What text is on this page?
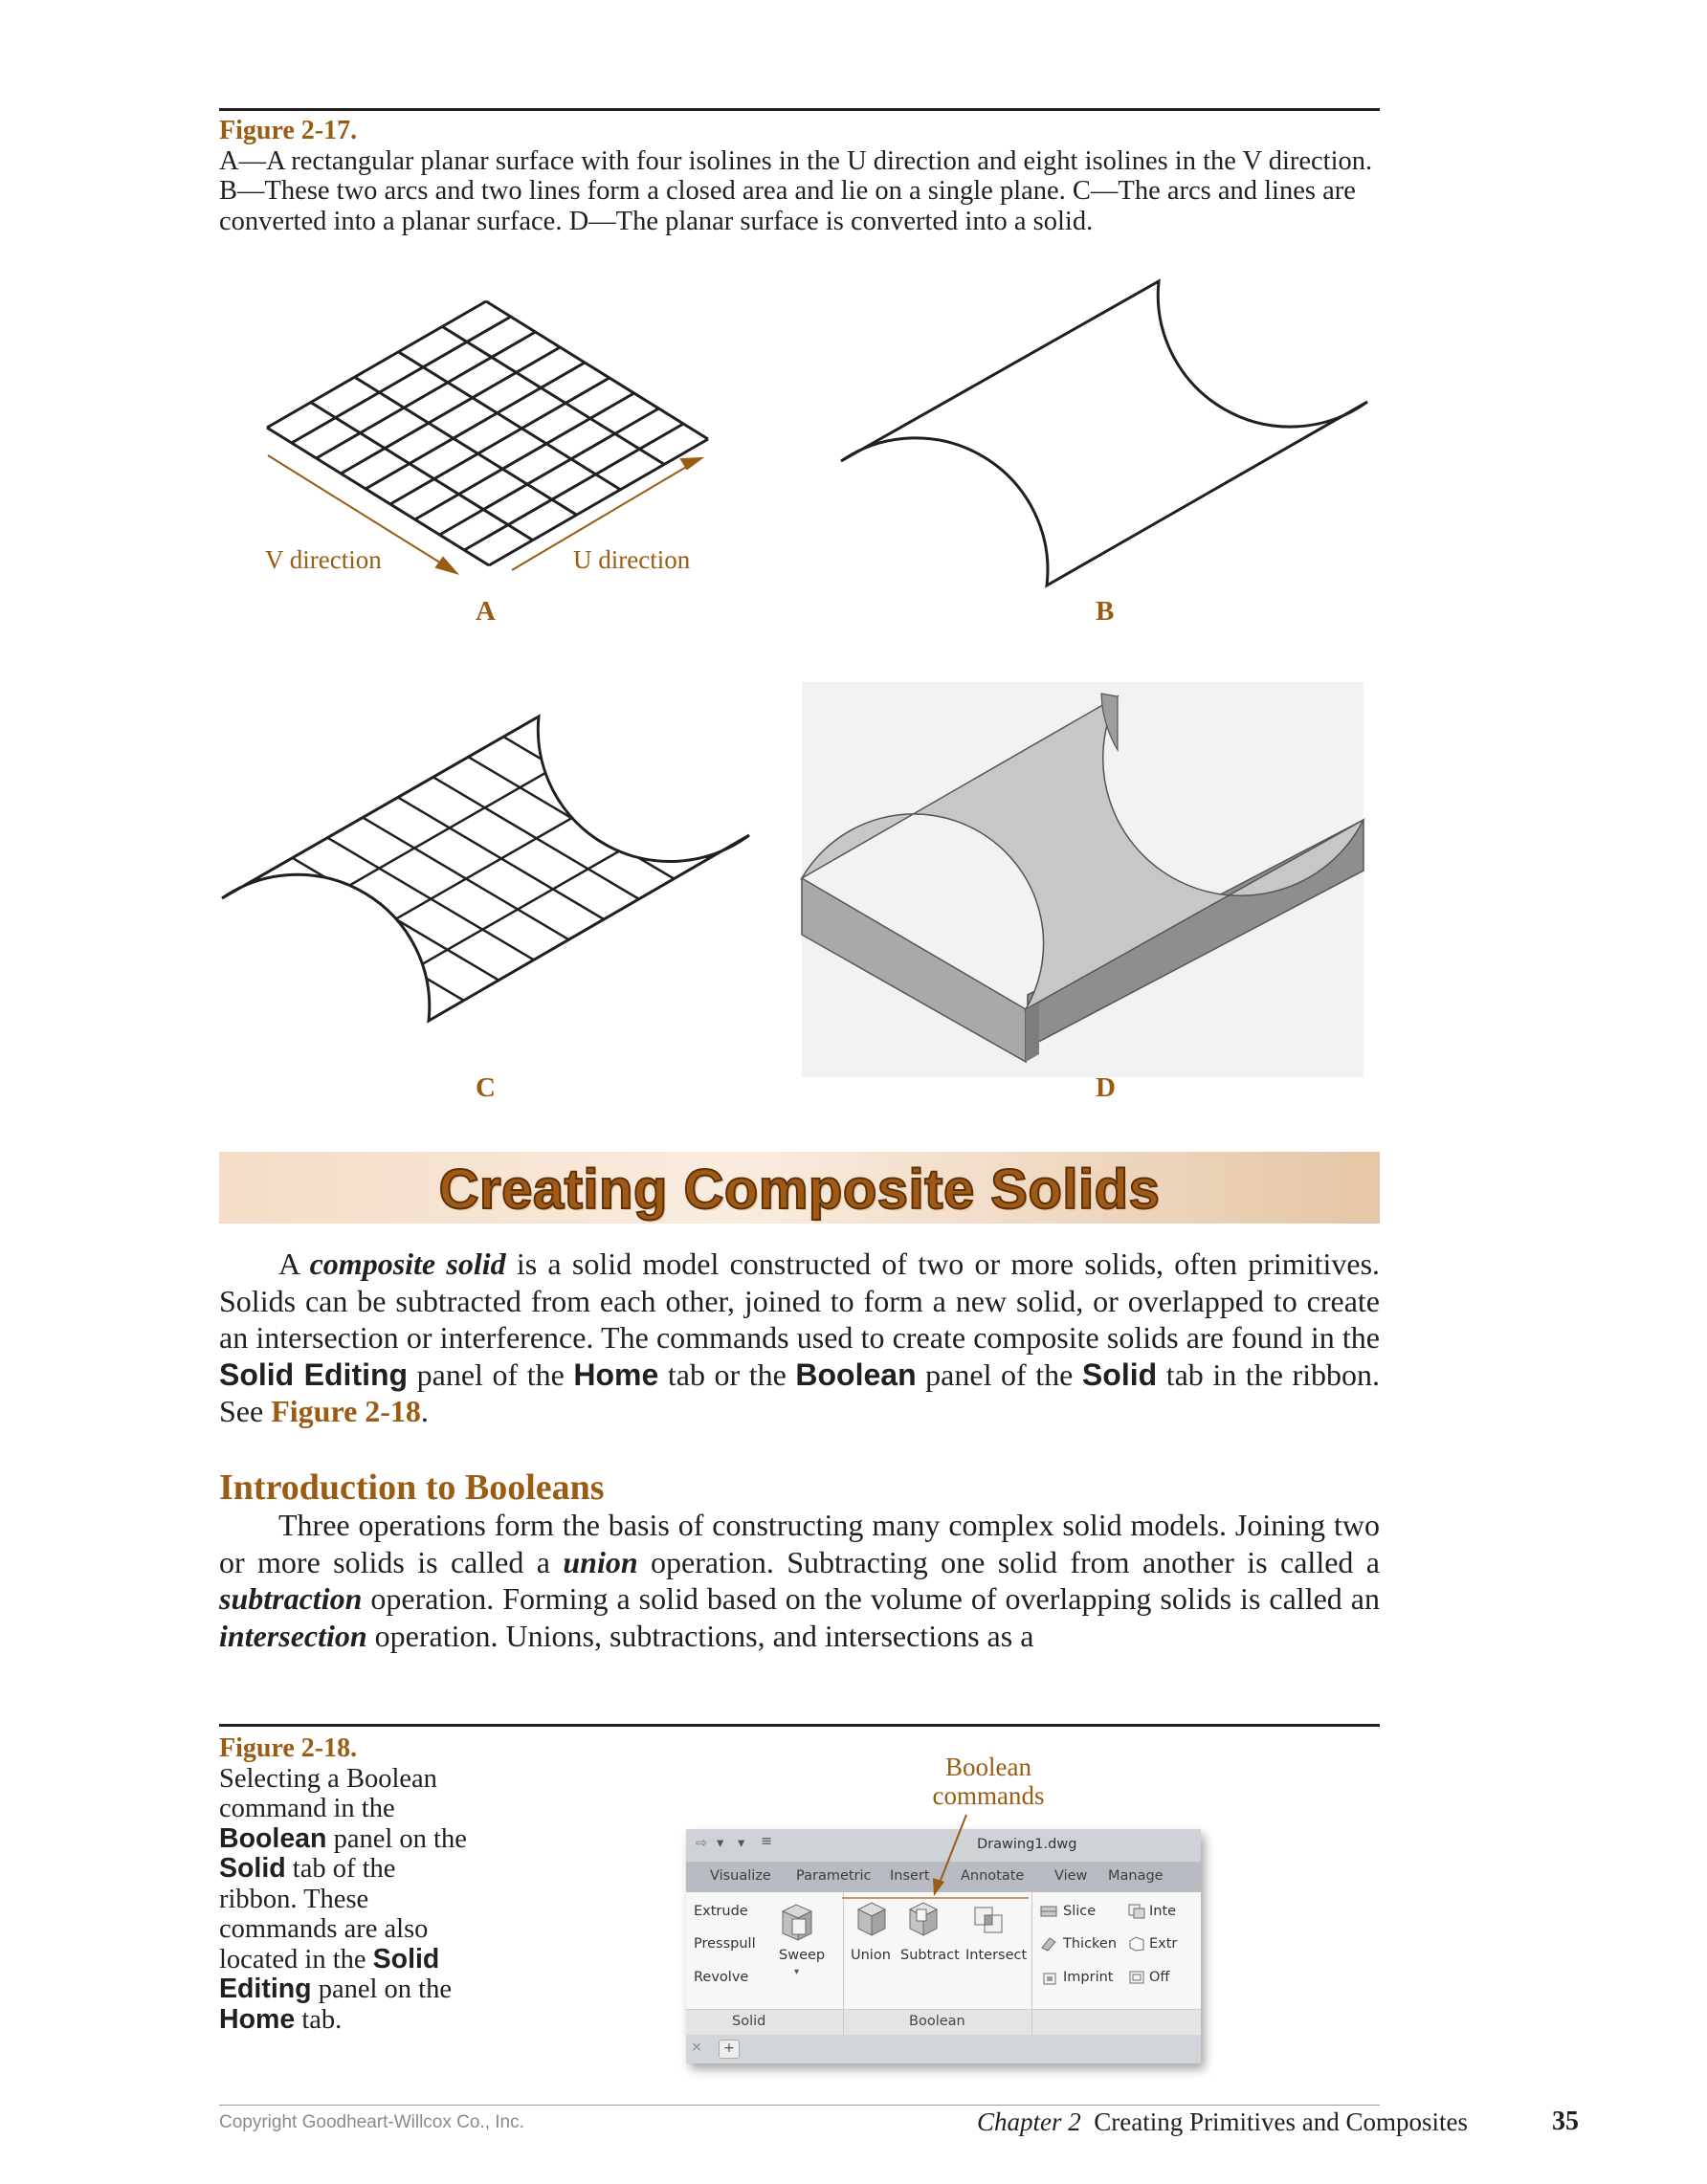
Figure 2-17.
A—A rectangular planar surface with four isolines in the U direction and eight isolines in the V direction. B—These two arcs and two lines form a closed area and lie on a single plane. C—The arcs and lines are converted into a planar surface. D—The planar surface is converted into a solid.
V direction	U direction
A	B
C	D
Creating Composite Solids

A composite solid is a solid model constructed of two or more solids, often primitives. Solids can be subtracted from each other, joined to form a new solid, or overlapped to create an intersection or interference. The commands used to create composite solids are found in the Solid Editing panel of the Home tab or the Boolean panel of the Solid tab in the ribbon. See Figure 2-18.

Introduction to Booleans

Three operations form the basis of constructing many complex solid models. Joining two or more solids is called a union operation. Subtracting one solid from another is called a subtraction operation. Forming a solid based on the volume of overlapping solids is called an intersection operation. Unions, subtractions, and intersections as a

Figure 2-18.
Selecting a Boolean command in the Boolean panel on the Solid tab of the ribbon. These commands are also located in the Solid Editing panel on the Home tab.
Boolean
commands
⇨ ▾ ▾ ≡	Drawing1.dwg
Visualize Parametric Insert Annotate View Manage
Extrude
Presspull
Revolve
Sweep
▾
Union Subtract Intersect
Slice
Thicken
Imprint
Inte
Extr
Off
Solid	Boolean
×	+
Copyright Goodheart-Willcox Co., Inc.	Chapter 2 Creating Primitives and Composites	35
